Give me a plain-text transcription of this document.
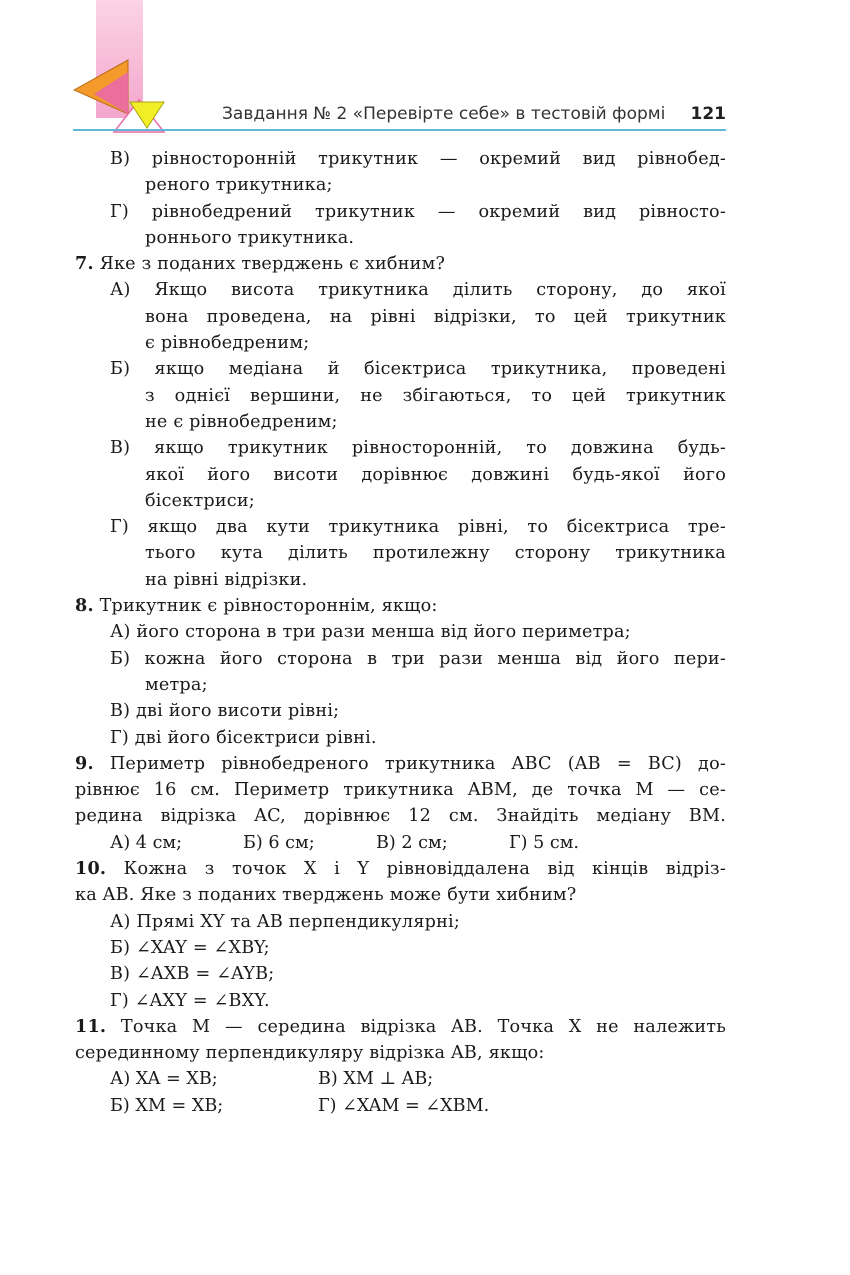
Завдання № 2 «Перевірте себе» в тестовій формі	121
В) рівносторонній трикутник — окремий вид рівнобед-
реного трикутника;
Г) рівнобедрений трикутник — окремий вид рівносто-
роннього трикутника.
7. Яке з поданих тверджень є хибним?
А) Якщо висота трикутника ділить сторону, до якої
вона проведена, на рівні відрізки, то цей трикутник
є рівнобедреним;
Б) якщо медіана й бісектриса трикутника, проведені
з однієї вершини, не збігаються, то цей трикутник
не є рівнобедреним;
В) якщо трикутник рівносторонній, то довжина будь-
якої його висоти дорівнює довжині будь-якої його
бісектриси;
Г) якщо два кути трикутника рівні, то бісектриса тре-
тього кута ділить протилежну сторону трикутника
на рівні відрізки.
8. Трикутник є рівностороннім, якщо:
А) його сторона в три рази менша від його периметра;
Б) кожна його сторона в три рази менша від його пери-
метра;
В) дві його висоти рівні;
Г) дві його бісектриси рівні.
9. Периметр рівнобедреного трикутника ABC (AB = BC) до-
рівнює 16 см. Периметр трикутника ABM, де точка M — се-
редина відрізка AC, дорівнює 12 см. Знайдіть медіану BM.
А) 4 см;	Б) 6 см;	В) 2 см;	Г) 5 см.
10. Кожна з точок X і Y рівновіддалена від кінців відріз-
ка AB. Яке з поданих тверджень може бути хибним?
А) Прямі XY та AB перпендикулярні;
Б) ∠XAY = ∠XBY;
В) ∠AXB = ∠AYB;
Г) ∠AXY = ∠BXY.
11. Точка M — середина відрізка AB. Точка X не належить
серединному перпендикуляру відрізка AB, якщо:
А) XA = XB;	В) XM ⊥ AB;
Б) XM = XB;	Г) ∠XAM = ∠XBM.
